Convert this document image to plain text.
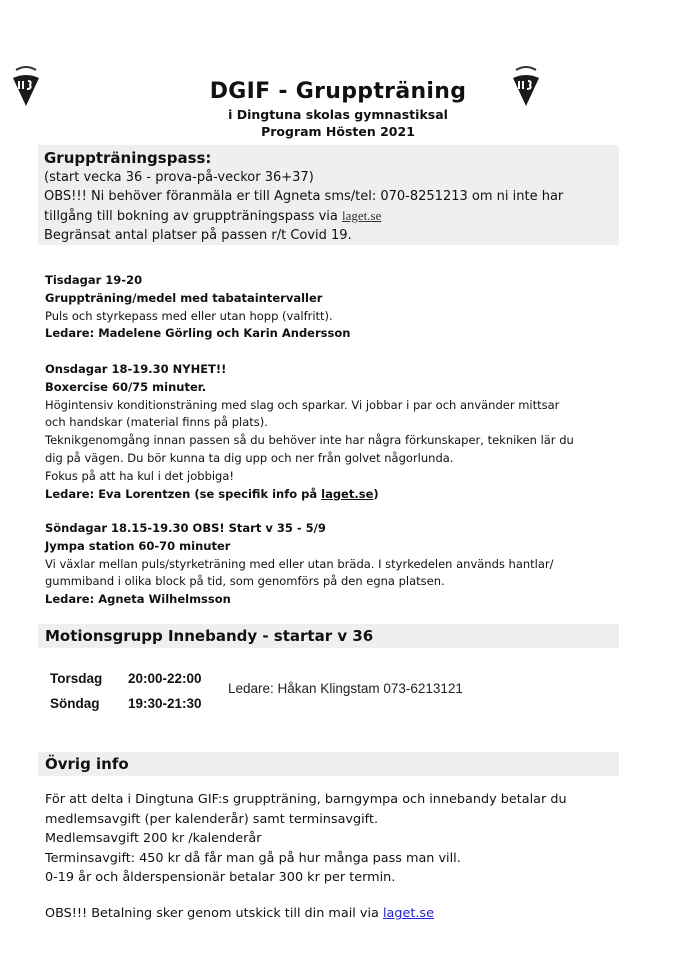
DGIF - Gruppträning
i Dingtuna skolas gymnastiksal
Program Hösten 2021
Gruppträningspass:
(start vecka 36 - prova-på-veckor 36+37)
OBS!!! Ni behöver föranmäla er till Agneta sms/tel: 070-8251213 om ni inte har
tillgång till bokning av gruppträningspass via laget.se
Begränsat antal platser på passen r/t Covid 19.
Tisdagar 19-20
Gruppträning/medel med tabataintervaller
Puls och styrkepass med eller utan hopp (valfritt).
Ledare: Madelene Görling och Karin Andersson
Onsdagar 18-19.30 NYHET!!
Boxercise 60/75 minuter.
Högintensiv konditionsträning med slag och sparkar. Vi jobbar i par och använder mittsar
och handskar (material finns på plats).
Teknikgenomgång innan passen så du behöver inte har några förkunskaper, tekniken lär du
dig på vägen. Du bör kunna ta dig upp och ner från golvet någorlunda.
Fokus på att ha kul i det jobbiga!
Ledare: Eva Lorentzen (se specifik info på laget.se)
Söndagar 18.15-19.30 OBS! Start v 35 - 5/9
Jympa station 60-70 minuter
Vi växlar mellan puls/styrketräning med eller utan bräda. I styrkedelen används hantlar/
gummiband i olika block på tid, som genomförs på den egna platsen.
Ledare: Agneta Wilhelmsson
Motionsgrupp Innebandy - startar v 36
Torsdag	20:00-22:00
Söndag	19:30-21:30
Ledare: Håkan Klingstam 073-6213121
Övrig info
För att delta i Dingtuna GIF:s gruppträning, barngympa och innebandy betalar du
medlemsavgift (per kalenderår) samt terminsavgift.
Medlemsavgift 200 kr /kalenderår
Terminsavgift: 450 kr då får man gå på hur många pass man vill.
0-19 år och ålderspensionär betalar 300 kr per termin.
OBS!!! Betalning sker genom utskick till din mail via laget.se
